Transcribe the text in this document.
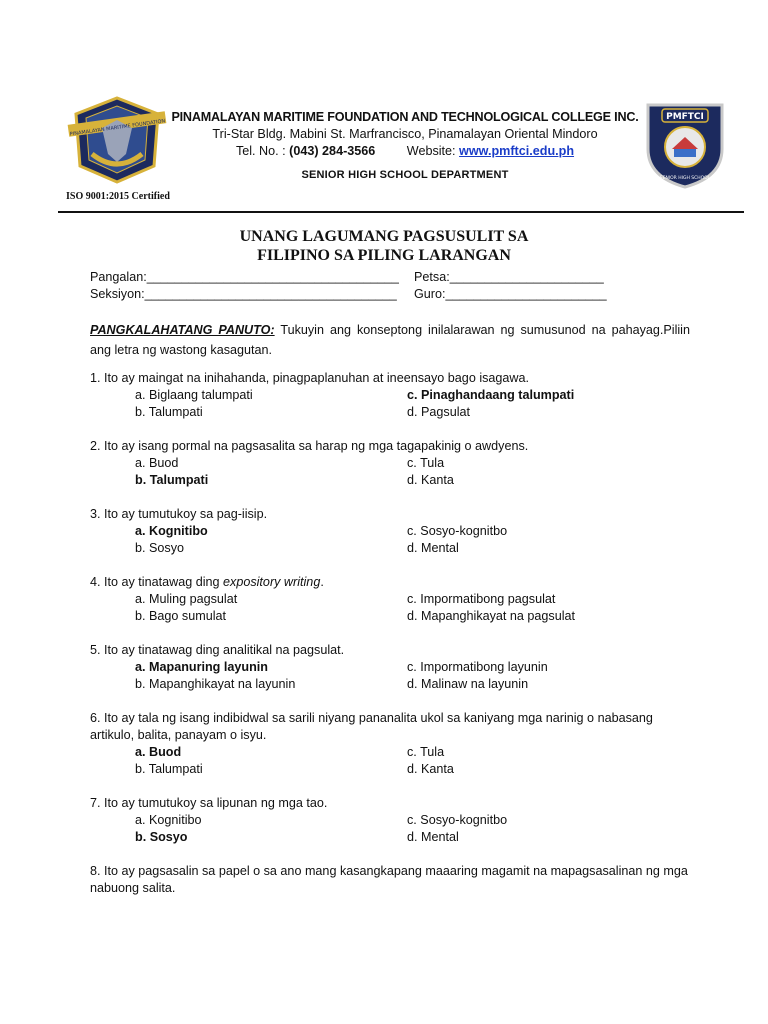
PINAMALAYAN MARITIME FOUNDATION
PMFTCI
SENIOR HIGH SCHOOL
PINAMALAYAN MARITIME FOUNDATION AND TECHNOLOGICAL COLLEGE INC.
Tri-Star Bldg. Mabini St. Marfrancisco, Pinamalayan Oriental Mindoro
Tel. No. : (043) 284-3566	Website: www.pmftci.edu.ph
SENIOR HIGH SCHOOL DEPARTMENT
ISO 9001:2015 Certified
UNANG LAGUMANG PAGSUSULIT SA
FILIPINO SA PILING LARANGAN
Pangalan:____________________________________ Petsa:______________________
Seksiyon:____________________________________ Guro:_______________________
PANGKALAHATANG PANUTO: Tukuyin ang konseptong inilalarawan ng sumusunod na pahayag.Piliin ang letra ng wastong kasagutan.
1. Ito ay maingat na inihahanda, pinagpaplanuhan at ineensayo bago isagawa.
a. Biglaang talumpati	c. Pinaghandaang talumpati
b. Talumpati	d. Pagsulat
2. Ito ay isang pormal na pagsasalita sa harap ng mga tagapakinig o awdyens.
a. Buod	c. Tula
b. Talumpati	d. Kanta
3. Ito ay tumutukoy sa pag-iisip.
a. Kognitibo	c. Sosyo-kognitbo
b. Sosyo	d. Mental
4. Ito ay tinatawag ding expository writing.
a. Muling pagsulat	c. Impormatibong pagsulat
b. Bago sumulat	d. Mapanghikayat na pagsulat
5. Ito ay tinatawag ding analitikal na pagsulat.
a. Mapanuring layunin	c. Impormatibong layunin
b. Mapanghikayat na layunin	d. Malinaw na layunin
6. Ito ay tala ng isang indibidwal sa sarili niyang pananalita ukol sa kaniyang mga narinig o nabasang artikulo, balita, panayam o isyu.
a. Buod	c. Tula
b. Talumpati	d. Kanta
7. Ito ay tumutukoy sa lipunan ng mga tao.
a. Kognitibo	c. Sosyo-kognitbo
b. Sosyo	d. Mental
8. Ito ay pagsasalin sa papel o sa ano mang kasangkapang maaaring magamit na mapagsasalinan ng mga nabuong salita.
